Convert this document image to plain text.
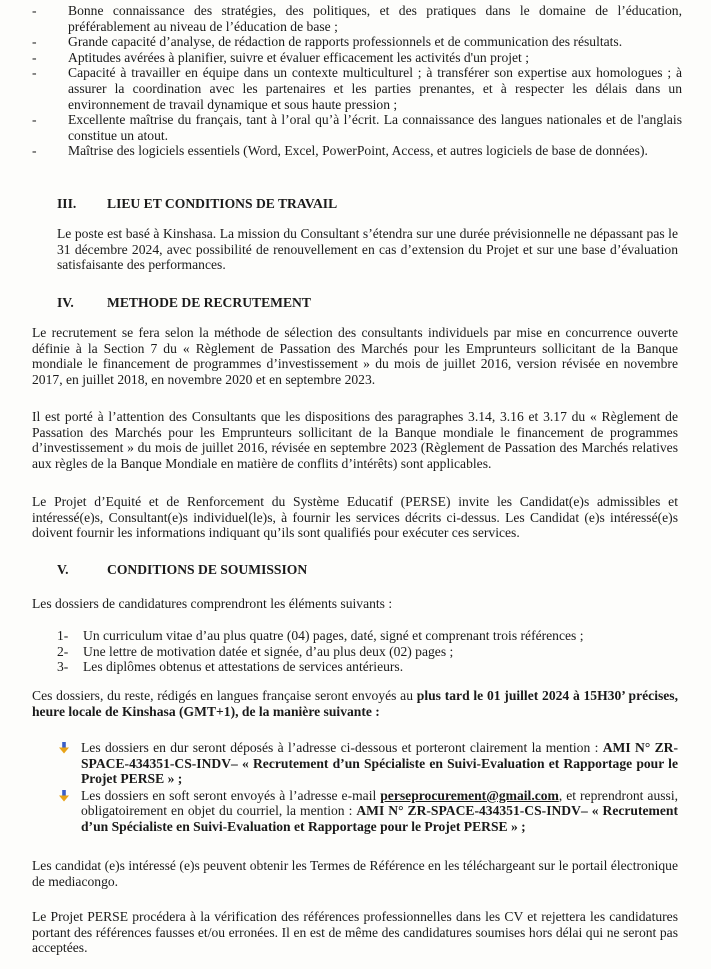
-	Bonne connaissance des stratégies, des politiques, et des pratiques dans le domaine de l’éducation, préférablement au niveau de l’éducation de base ;
-	Grande capacité d’analyse, de rédaction de rapports professionnels et de communication des résultats.
-	Aptitudes avérées à planifier, suivre et évaluer efficacement les activités d'un projet ;
-	Capacité à travailler en équipe dans un contexte multiculturel ; à transférer son expertise aux homologues ; à assurer la coordination avec les partenaires et les parties prenantes, et à respecter les délais dans un environnement de travail dynamique et sous haute pression ;
-	Excellente maîtrise du français, tant à l’oral qu’à l’écrit. La connaissance des langues nationales et de l'anglais constitue un atout.
-	Maîtrise des logiciels essentiels (Word, Excel, PowerPoint, Access, et autres logiciels de base de données).
III. LIEU ET CONDITIONS DE TRAVAIL
Le poste est basé à Kinshasa. La mission du Consultant s’étendra sur une durée prévisionnelle ne dépassant pas le 31 décembre 2024, avec possibilité de renouvellement en cas d’extension du Projet et sur une base d’évaluation satisfaisante des performances.
IV. METHODE DE RECRUTEMENT
Le recrutement se fera selon la méthode de sélection des consultants individuels par mise en concurrence ouverte définie à la Section 7 du « Règlement de Passation des Marchés pour les Emprunteurs sollicitant de la Banque mondiale le financement de programmes d’investissement » du mois de juillet 2016, version révisée en novembre 2017, en juillet 2018, en novembre 2020 et en septembre 2023.
Il est porté à l’attention des Consultants que les dispositions des paragraphes 3.14, 3.16 et 3.17 du « Règlement de Passation des Marchés pour les Emprunteurs sollicitant de la Banque mondiale le financement de programmes d’investissement » du mois de juillet 2016, révisée en septembre 2023 (Règlement de Passation des Marchés relatives aux règles de la Banque Mondiale en matière de conflits d’intérêts) sont applicables.
Le Projet d’Equité et de Renforcement du Système Educatif (PERSE) invite les Candidat(e)s admissibles et intéressé(e)s, Consultant(e)s individuel(le)s, à fournir les services décrits ci-dessus. Les Candidat (e)s intéressé(e)s doivent fournir les informations indiquant qu’ils sont qualifiés pour exécuter ces services.
V.	CONDITIONS DE SOUMISSION
Les dossiers de candidatures comprendront les éléments suivants :
1-	Un curriculum vitae d’au plus quatre (04) pages, daté, signé et comprenant trois références ;
2-	Une lettre de motivation datée et signée, d’au plus deux (02) pages ;
3-	Les diplômes obtenus et attestations de services antérieurs.
Ces dossiers, du reste, rédigés en langues française seront envoyés au plus tard le 01 juillet 2024 à 15H30’ précises, heure locale de Kinshasa (GMT+1), de la manière suivante :
Les dossiers en dur seront déposés à l’adresse ci-dessous et porteront clairement la mention : AMI N° ZR-SPACE-434351-CS-INDV– « Recrutement d’un Spécialiste en Suivi-Evaluation et Rapportage pour le Projet PERSE » ;
Les dossiers en soft seront envoyés à l’adresse e-mail perseprocurement@gmail.com, et reprendront aussi, obligatoirement en objet du courriel, la mention : AMI N° ZR-SPACE-434351-CS-INDV– « Recrutement d’un Spécialiste en Suivi-Evaluation et Rapportage pour le Projet PERSE » ;
Les candidat (e)s intéressé (e)s peuvent obtenir les Termes de Référence en les téléchargeant sur le portail électronique de mediacongo.
Le Projet PERSE procédera à la vérification des références professionnelles dans les CV et rejettera les candidatures portant des références fausses et/ou erronées. Il en est de même des candidatures soumises hors délai qui ne seront pas acceptées.
